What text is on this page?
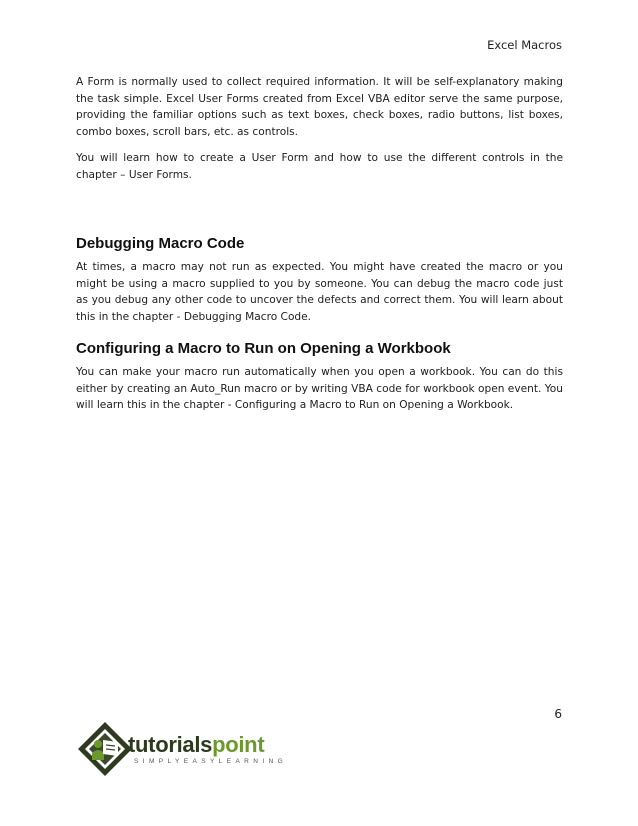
Excel Macros

A Form is normally used to collect required information. It will be self-explanatory making the task simple. Excel User Forms created from Excel VBA editor serve the same purpose, providing the familiar options such as text boxes, check boxes, radio buttons, list boxes, combo boxes, scroll bars, etc. as controls.

You will learn how to create a User Form and how to use the different controls in the chapter – User Forms.

Debugging Macro Code

At times, a macro may not run as expected. You might have created the macro or you might be using a macro supplied to you by someone. You can debug the macro code just as you debug any other code to uncover the defects and correct them. You will learn about this in the chapter - Debugging Macro Code.

Configuring a Macro to Run on Opening a Workbook

You can make your macro run automatically when you open a workbook. You can do this either by creating an Auto_Run macro or by writing VBA code for workbook open event. You will learn this in the chapter - Configuring a Macro to Run on Opening a Workbook.

6
tutorialspoint
SIMPLYEASYLEARNING
